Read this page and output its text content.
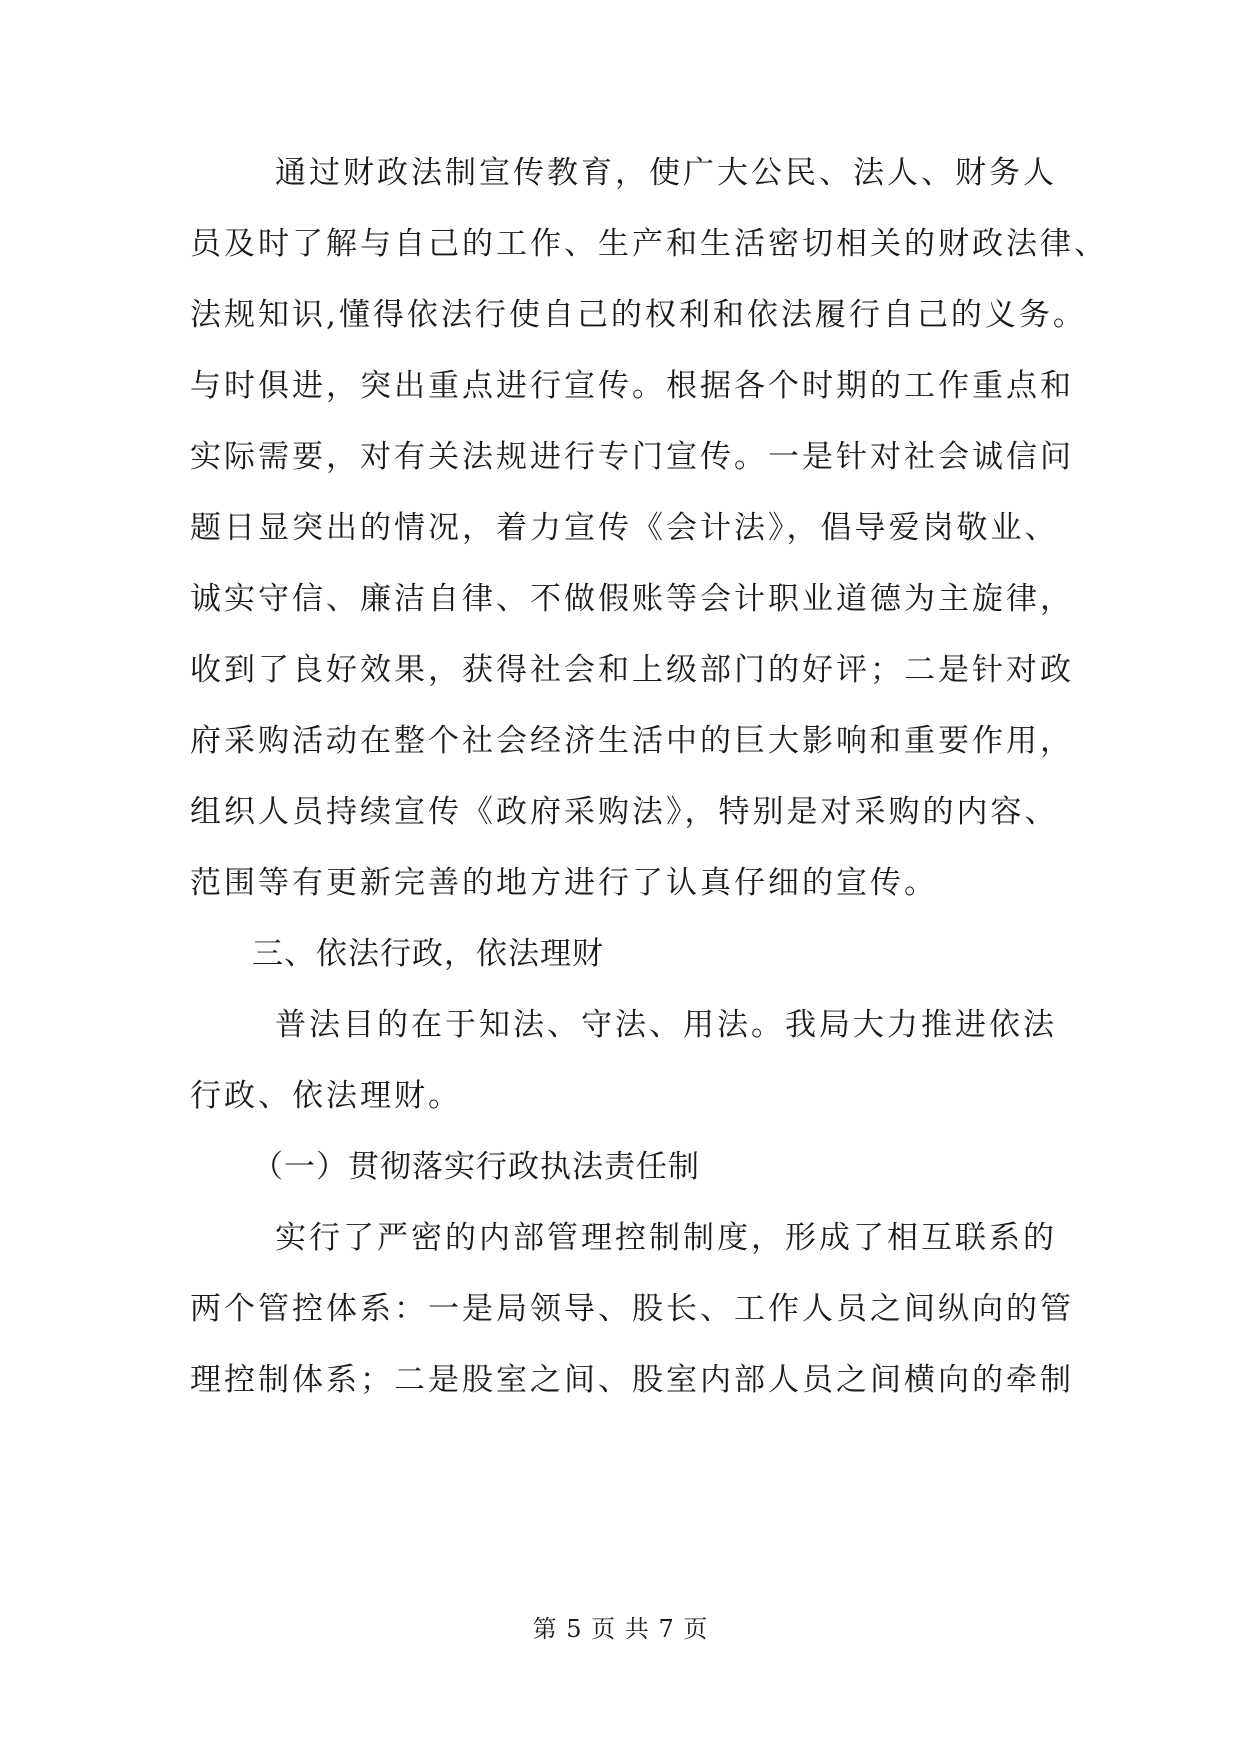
通过财政法制宣传教育，使广大公民、法人、财务人
员及时了解与自己的工作、生产和生活密切相关的财政法律、
法规知识,懂得依法行使自己的权利和依法履行自己的义务。
与时俱进，突出重点进行宣传。根据各个时期的工作重点和
实际需要，对有关法规进行专门宣传。一是针对社会诚信问
题日显突出的情况，着力宣传《会计法》，倡导爱岗敬业、
诚实守信、廉洁自律、不做假账等会计职业道德为主旋律，
收到了良好效果，获得社会和上级部门的好评；二是针对政
府采购活动在整个社会经济生活中的巨大影响和重要作用，
组织人员持续宣传《政府采购法》，特别是对采购的内容、
范围等有更新完善的地方进行了认真仔细的宣传。
三、依法行政，依法理财
普法目的在于知法、守法、用法。我局大力推进依法
行政、依法理财。
（一）贯彻落实行政执法责任制
实行了严密的内部管理控制制度，形成了相互联系的
两个管控体系：一是局领导、股长、工作人员之间纵向的管
理控制体系；二是股室之间、股室内部人员之间横向的牵制
第 5 页 共 7 页
